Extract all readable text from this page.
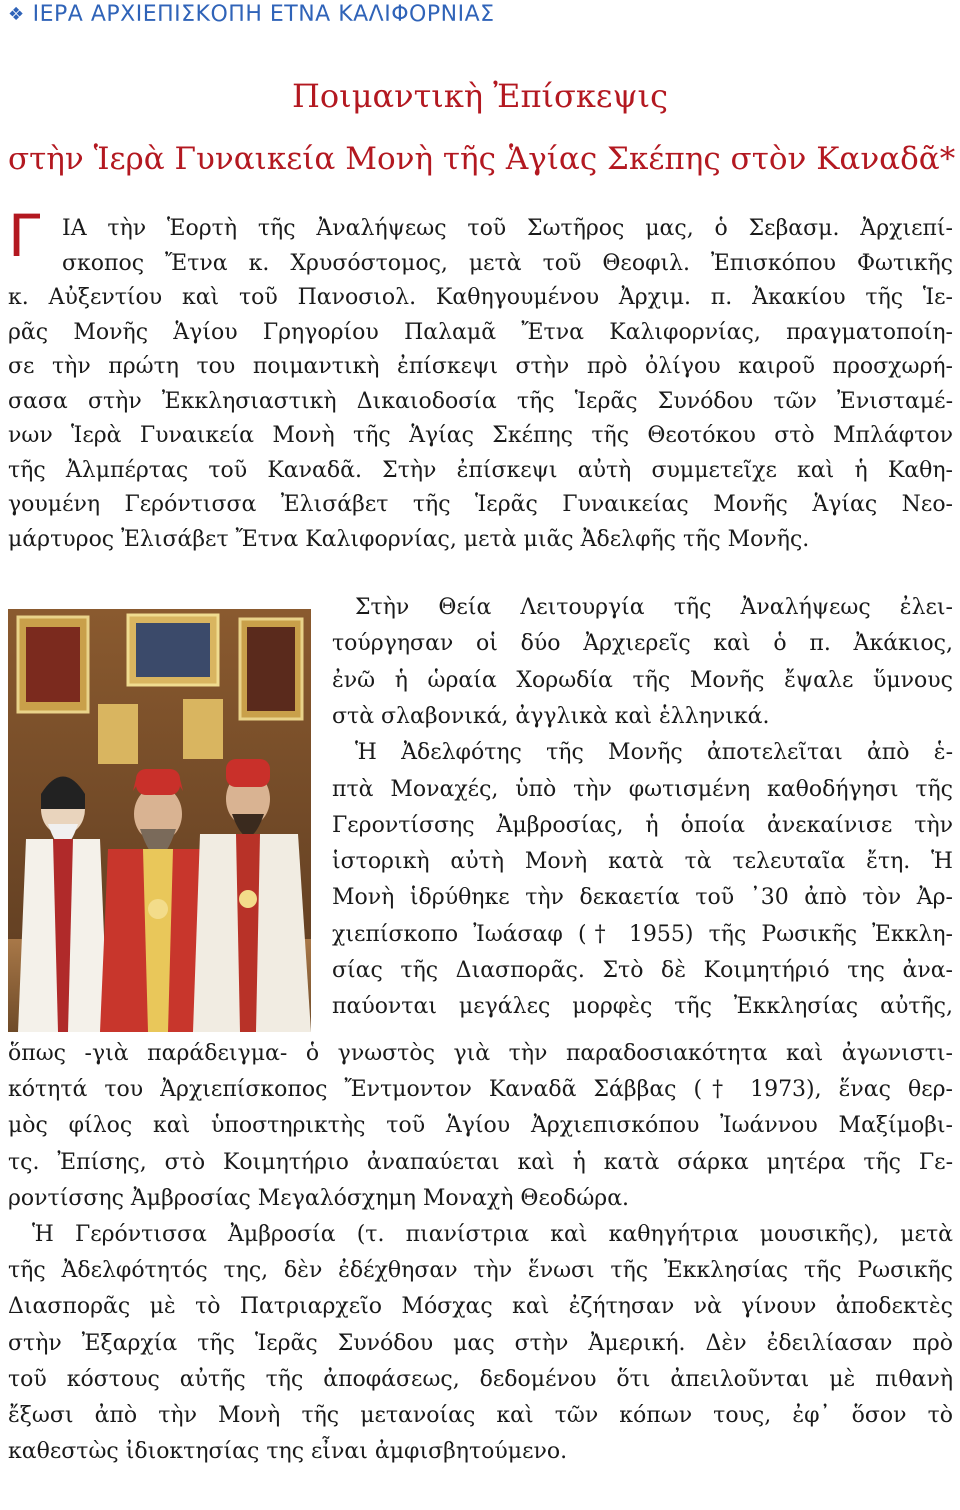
❖ ΙΕΡΑ ΑΡΧΙΕΠΙΣΚΟΠΗ ΕΤΝΑ ΚΑΛΙΦΟΡΝΙΑΣ
Ποιμαντικὴ Ἐπίσκεψις
στὴν Ἱερὰ Γυναικεία Μονὴ τῆς Ἁγίας Σκέπης στὸν Καναδᾶ*
Γ ΙΑ τὴν Ἑορτὴ τῆς Ἀναλήψεως τοῦ Σωτῆρος μας, ὁ Σεβασμ. Ἀρχιεπί-
σκοπος Ἔτνα κ. Χρυσόστομος, μετὰ τοῦ Θεοφιλ. Ἐπισκόπου Φωτικῆς
κ. Αὐξεντίου καὶ τοῦ Πανοσιολ. Καθηγουμένου Ἀρχιμ. π. Ἀκακίου τῆς Ἱε-
ρᾶς Μονῆς Ἁγίου Γρηγορίου Παλαμᾶ Ἔτνα Καλιφορνίας, πραγματοποίη-
σε τὴν πρώτη του ποιμαντικὴ ἐπίσκεψι στὴν πρὸ ὀλίγου καιροῦ προσχωρή-
σασα στὴν Ἐκκλησιαστικὴ Δικαιοδοσία τῆς Ἱερᾶς Συνόδου τῶν Ἐνισταμέ-
νων Ἱερὰ Γυναικεία Μονὴ τῆς Ἁγίας Σκέπης τῆς Θεοτόκου στὸ Μπλάφτον
τῆς Ἀλμπέρτας τοῦ Καναδᾶ. Στὴν ἐπίσκεψι αὐτὴ συμμετεῖχε καὶ ἡ Καθη-
γουμένη Γερόντισσα Ἐλισάβετ τῆς Ἱερᾶς Γυναικείας Μονῆς Ἁγίας Νεο-
μάρτυρος Ἐλισάβετ Ἔτνα Καλιφορνίας, μετὰ μιᾶς Ἀδελφῆς τῆς Μονῆς.
Στὴν Θεία Λειτουργία τῆς Ἀναλήψεως ἐλει-
τούργησαν οἱ δύο Ἀρχιερεῖς καὶ ὁ π. Ἀκάκιος,
ἐνῶ ἡ ὡραία Χορωδία τῆς Μονῆς ἔψαλε ὕμνους
στὰ σλαβονικά, ἀγγλικὰ καὶ ἑλληνικά.
Ἡ Ἀδελφότης τῆς Μονῆς ἀποτελεῖται ἀπὸ ἑ-
πτὰ Μοναχές, ὑπὸ τὴν φωτισμένη καθοδήγησι τῆς
Γεροντίσσης Ἀμβροσίας, ἡ ὁποία ἀνεκαίνισε τὴν
ἱστορικὴ αὐτὴ Μονὴ κατὰ τὰ τελευταῖα ἔτη. Ἡ
Μονὴ ἱδρύθηκε τὴν δεκαετία τοῦ ᾽30 ἀπὸ τὸν Ἀρ-
χιεπίσκοπο Ἰωάσαφ († 1955) τῆς Ρωσικῆς Ἐκκλη-
σίας τῆς Διασπορᾶς. Στὸ δὲ Κοιμητήριό της ἀνα-
παύονται μεγάλες μορφὲς τῆς Ἐκκλησίας αὐτῆς,
ὅπως -γιὰ παράδειγμα- ὁ γνωστὸς γιὰ τὴν παραδοσιακότητα καὶ ἀγωνιστι-
κότητά του Ἀρχιεπίσκοπος Ἔντμοντον Καναδᾶ Σάββας († 1973), ἕνας θερ-
μὸς φίλος καὶ ὑποστηρικτὴς τοῦ Ἁγίου Ἀρχιεπισκόπου Ἰωάννου Μαξίμοβι-
τς. Ἐπίσης, στὸ Κοιμητήριο ἀναπαύεται καὶ ἡ κατὰ σάρκα μητέρα τῆς Γε-
ροντίσσης Ἀμβροσίας Μεγαλόσχημη Μοναχὴ Θεοδώρα.
Ἡ Γερόντισσα Ἀμβροσία (τ. πιανίστρια καὶ καθηγήτρια μουσικῆς), μετὰ
τῆς Ἀδελφότητός της, δὲν ἐδέχθησαν τὴν ἕνωσι τῆς Ἐκκλησίας τῆς Ρωσικῆς
Διασπορᾶς μὲ τὸ Πατριαρχεῖο Μόσχας καὶ ἐζήτησαν νὰ γίνουν ἀποδεκτὲς
στὴν Ἐξαρχία τῆς Ἱερᾶς Συνόδου μας στὴν Ἀμερική. Δὲν ἐδειλίασαν πρὸ
τοῦ κόστους αὐτῆς τῆς ἀποφάσεως, δεδομένου ὅτι ἀπειλοῦνται μὲ πιθανὴ
ἔξωσι ἀπὸ τὴν Μονὴ τῆς μετανοίας καὶ τῶν κόπων τους, ἐφ᾽ ὅσον τὸ
καθεστὼς ἰδιοκτησίας της εἶναι ἀμφισβητούμενο.
